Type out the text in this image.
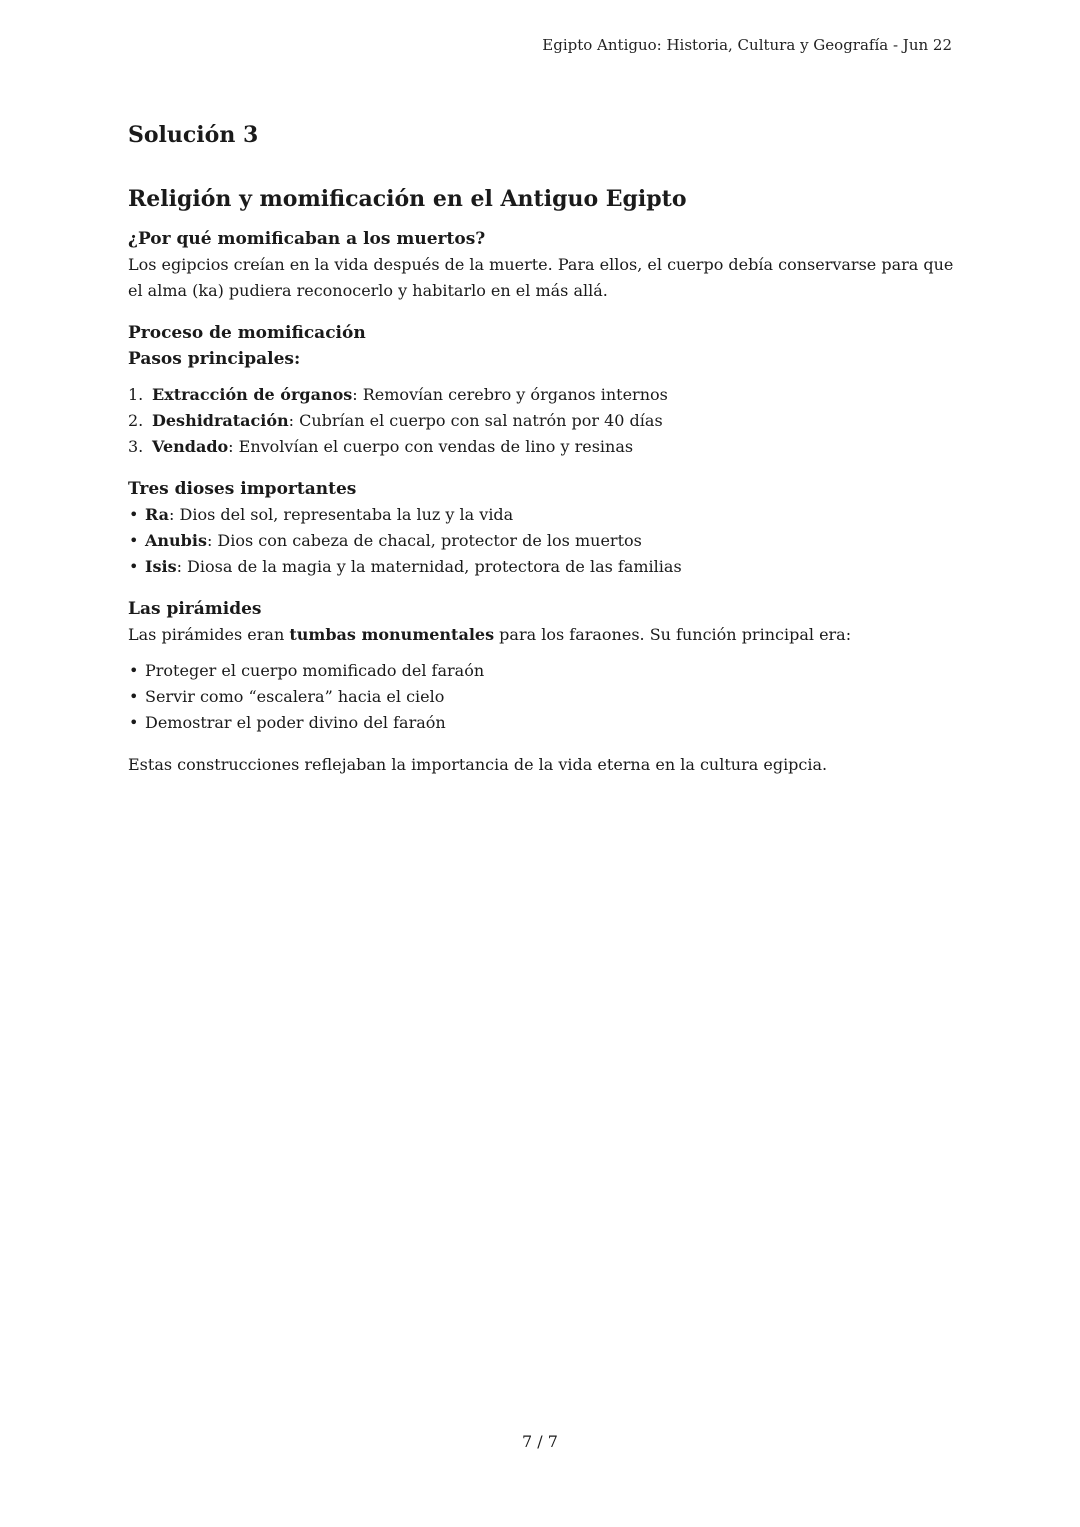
Egipto Antiguo: Historia, Cultura y Geografía - Jun 22
Solución 3
Religión y momificación en el Antiguo Egipto
¿Por qué momificaban a los muertos?

Los egipcios creían en la vida después de la muerte. Para ellos, el cuerpo debía conservarse para que el alma (ka) pudiera reconocerlo y habitarlo en el más allá.

Proceso de momificación
Pasos principales:
1. Extracción de órganos: Removían cerebro y órganos internos
2. Deshidratación: Cubrían el cuerpo con sal natrón por 40 días
3. Vendado: Envolvían el cuerpo con vendas de lino y resinas
Tres dioses importantes
• Ra: Dios del sol, representaba la luz y la vida
• Anubis: Dios con cabeza de chacal, protector de los muertos
• Isis: Diosa de la magia y la maternidad, protectora de las familias
Las pirámides

Las pirámides eran tumbas monumentales para los faraones. Su función principal era:

• Proteger el cuerpo momificado del faraón
• Servir como “escalera” hacia el cielo
• Demostrar el poder divino del faraón

Estas construcciones reflejaban la importancia de la vida eterna en la cultura egipcia.

7 / 7
